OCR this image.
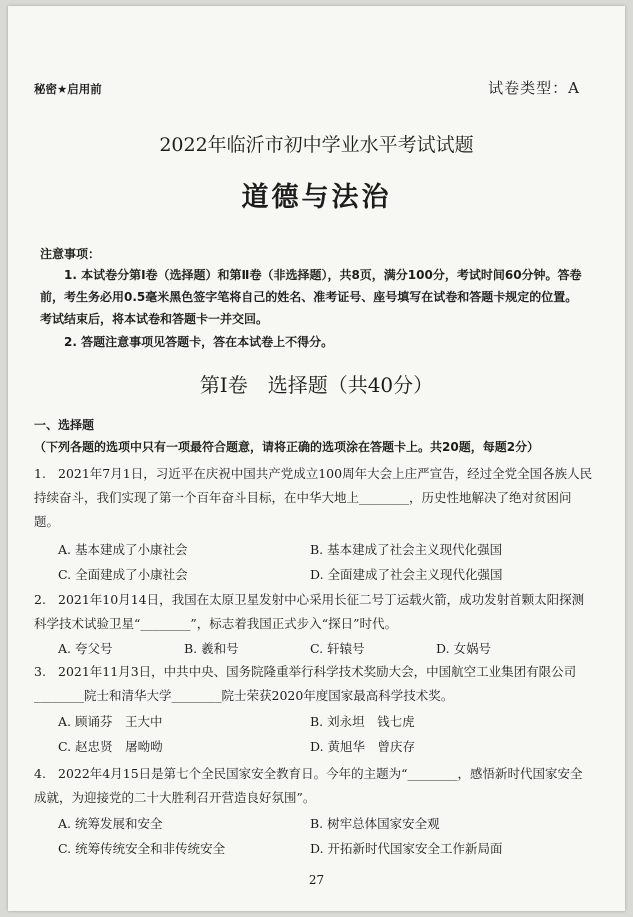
秘密★启用前	试卷类型：A
2022年临沂市初中学业水平考试试题
道德与法治
注意事项：
1. 本试卷分第Ⅰ卷（选择题）和第Ⅱ卷（非选择题），共8页，满分100分，考试时间60分钟。答卷前，考生务必用0.5毫米黑色签字笔将自己的姓名、准考证号、座号填写在试卷和答题卡规定的位置。考试结束后，将本试卷和答题卡一并交回。
2. 答题注意事项见答题卡，答在本试卷上不得分。
第Ⅰ卷　选择题（共40分）
一、选择题（下列各题的选项中只有一项最符合题意，请将正确的选项涂在答题卡上。共20题，每题2分）
1. 2021年7月1日，习近平在庆祝中国共产党成立100周年大会上庄严宣告，经过全党全国各族人民持续奋斗，我们实现了第一个百年奋斗目标，在中华大地上________，历史性地解决了绝对贫困问题。
A. 基本建成了小康社会	B. 基本建成了社会主义现代化强国
C. 全面建成了小康社会	D. 全面建成了社会主义现代化强国
2. 2021年10月14日，我国在太原卫星发射中心采用长征二号丁运载火箭，成功发射首颗太阳探测科学技术试验卫星“________”，标志着我国正式步入“探日”时代。
A. 夸父号	B. 羲和号	C. 轩辕号	D. 女娲号
3. 2021年11月3日，中共中央、国务院隆重举行科学技术奖励大会，中国航空工业集团有限公司________院士和清华大学________院士荣获2020年度国家最高科学技术奖。
A. 顾诵芬　王大中	B. 刘永坦　钱七虎
C. 赵忠贤　屠呦呦	D. 黄旭华　曾庆存
4. 2022年4月15日是第七个全民国家安全教育日。今年的主题为“________，感悟新时代国家安全成就，为迎接党的二十大胜利召开营造良好氛围”。
A. 统筹发展和安全	B. 树牢总体国家安全观
C. 统筹传统安全和非传统安全	D. 开拓新时代国家安全工作新局面
27
